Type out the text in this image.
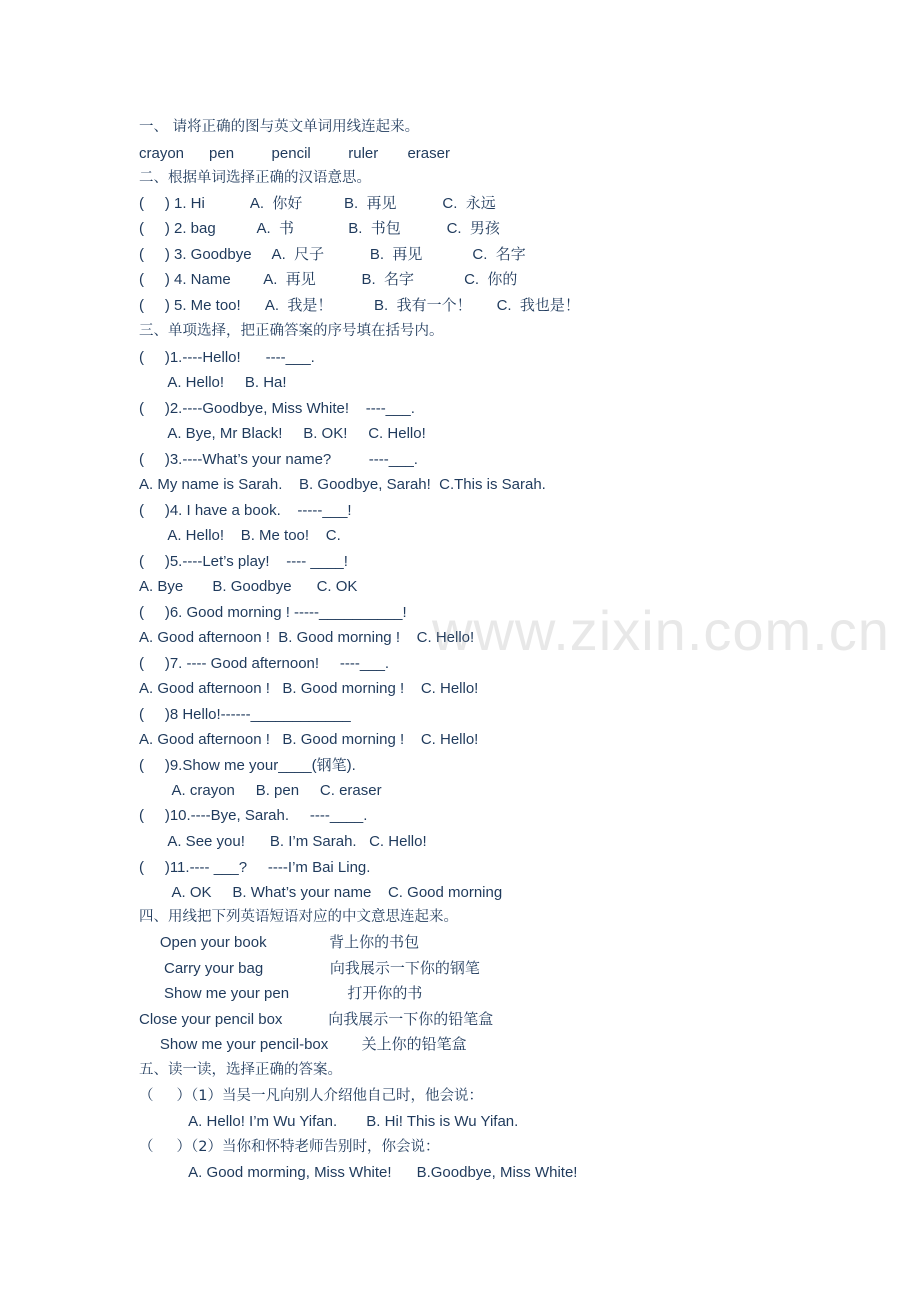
一、 请将正确的图与英文单词用线连起来。
crayon      pen         pencil         ruler       eraser
二、根据单词选择正确的汉语意思。
(     ) 1. Hi           A.  你好          B.  再见           C.  永远
(     ) 2. bag          A.  书             B.  书包           C.  男孩
(     ) 3. Goodbye     A.  尺子           B.  再见            C.  名字
(     ) 4. Name        A.  再见           B.  名字            C.  你的
(     ) 5. Me too!      A.  我是！          B.  我有一个！      C.  我也是！
三、单项选择，把正确答案的序号填在括号内。
(     )1.----Hello!      ----___.
A. Hello!     B. Ha!
(     )2.----Goodbye, Miss White!    ----___.
A. Bye, Mr Black!     B. OK!     C. Hello!
(     )3.----What’s your name?         ----___.
A. My name is Sarah.    B. Goodbye, Sarah!  C.This is Sarah.
(     )4. I have a book.    -----___!
A. Hello!    B. Me too!    C.
(     )5.----Let’s play!    ---- ____!
A. Bye       B. Goodbye      C. OK
(     )6. Good morning ! -----__________!
A. Good afternoon !  B. Good morning !    C. Hello!
(     )7. ---- Good afternoon!     ----___.
A. Good afternoon !   B. Good morning !    C. Hello!
(     )8 Hello!------____________
A. Good afternoon !   B. Good morning !    C. Hello!
(     )9.Show me your____(钢笔).
A. crayon     B. pen     C. eraser
(     )10.----Bye, Sarah.     ----____.
A. See you!      B. I’m Sarah.   C. Hello!
(     )11.---- ___?     ----I’m Bai Ling.
A. OK     B. What’s your name    C. Good morning
四、用线把下列英语短语对应的中文意思连起来。
Open your book               背上你的书包
Carry your bag                向我展示一下你的钢笔
Show me your pen              打开你的书
Close your pencil box           向我展示一下你的铅笔盒
Show me your pencil-box        关上你的铅笔盒
五、读一读，选择正确的答案。
（     ）（1）当吴一凡向别人介绍他自己时，他会说：
A. Hello! I’m Wu Yifan.       B. Hi! This is Wu Yifan.
（     ）（2）当你和怀特老师告别时，你会说：
A. Good morming, Miss White!      B.Goodbye, Miss White!
www.zixin.com.cn
